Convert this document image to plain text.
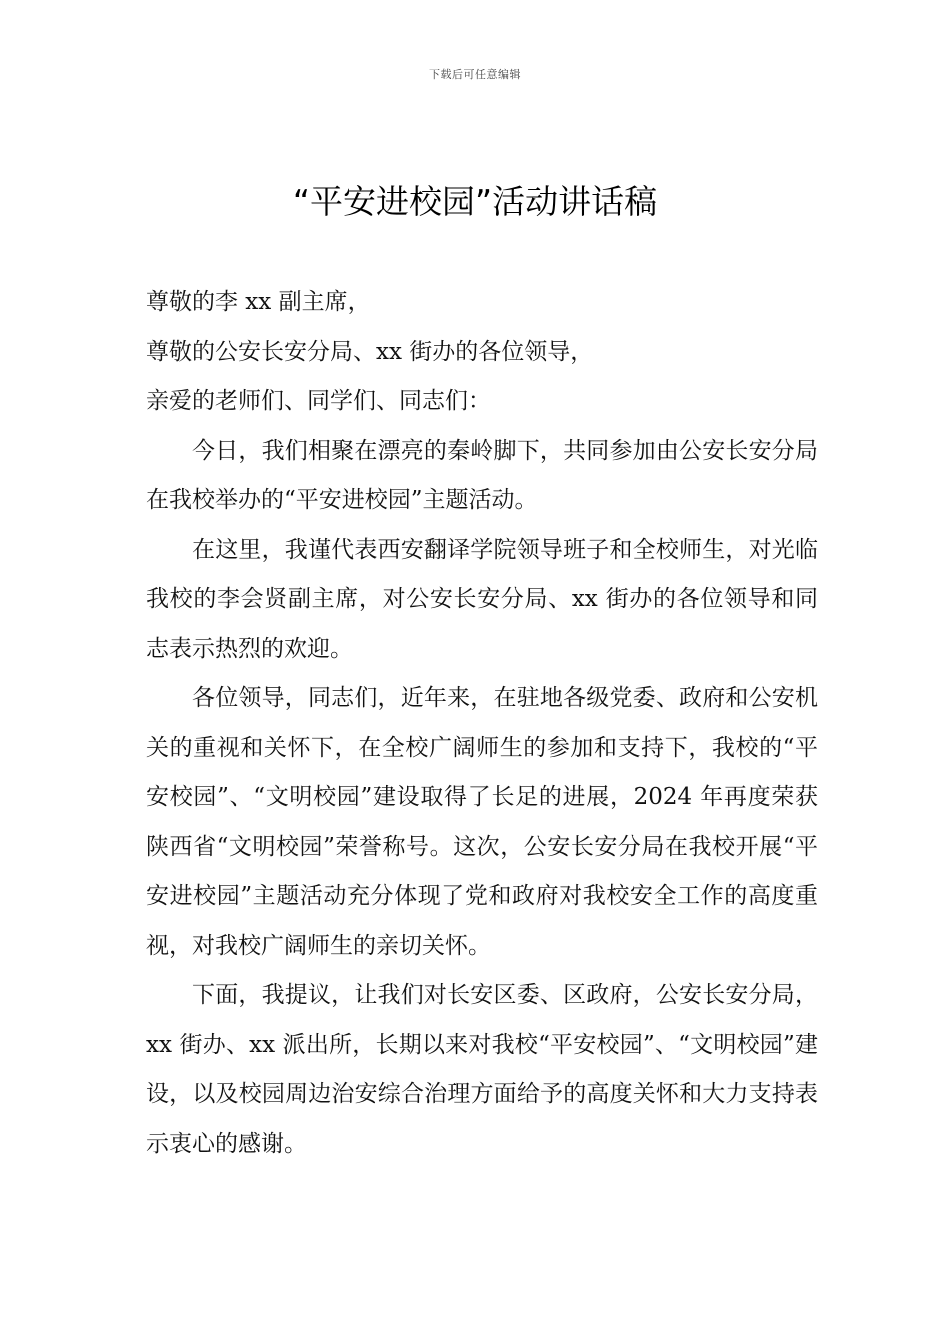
下载后可任意编辑
“平安进校园”活动讲话稿

尊敬的李 xx 副主席，

尊敬的公安长安分局、xx 街办的各位领导，

亲爱的老师们、同学们、同志们：

今日，我们相聚在漂亮的秦岭脚下，共同参加由公安长安分局在我校举办的“平安进校园”主题活动。

在这里，我谨代表西安翻译学院领导班子和全校师生，对光临我校的李会贤副主席，对公安长安分局、xx 街办的各位领导和同志表示热烈的欢迎。

各位领导，同志们，近年来，在驻地各级党委、政府和公安机关的重视和关怀下，在全校广阔师生的参加和支持下，我校的“平安校园”、“文明校园”建设取得了长足的进展，2024 年再度荣获陕西省“文明校园”荣誉称号。这次，公安长安分局在我校开展“平安进校园”主题活动充分体现了党和政府对我校安全工作的高度重视，对我校广阔师生的亲切关怀。

下面，我提议，让我们对长安区委、区政府，公安长安分局，xx 街办、xx 派出所，长期以来对我校“平安校园”、“文明校园”建设，以及校园周边治安综合治理方面给予的高度关怀和大力支持表示衷心的感谢。
